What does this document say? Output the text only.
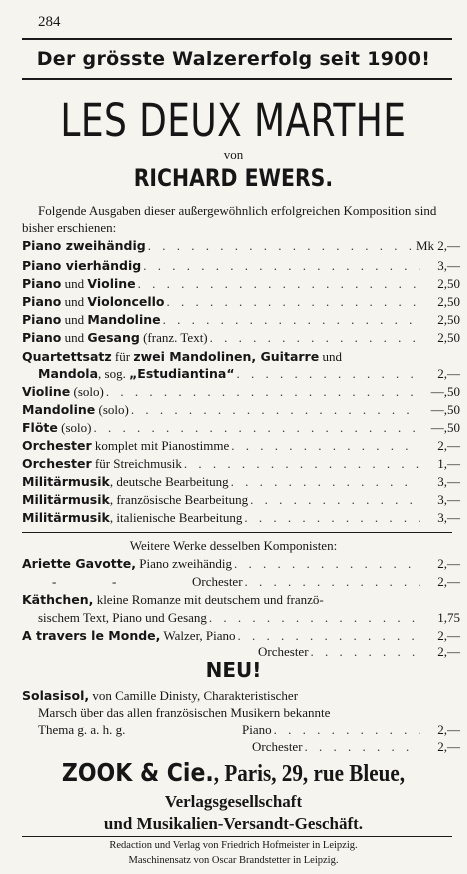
284
Der grösste Walzererfolg seit 1900!
LES DEUX MARTHE
von
RICHARD EWERS.
Folgende Ausgaben dieser außergewöhnlich erfolgreichen Komposition sind bisher erschienen:
Piano zweihändig . . .	Mk 2,—
Piano vierhändig . . .	3,—
Piano und Violine . . .	2,50
Piano und Violoncello . . .	2,50
Piano und Mandoline . . .	2,50
Piano und Gesang (franz. Text) . . .	2,50
Quartettsatz für zwei Mandolinen, Guitarre und
Mandola, sog. „Estudiantina“ . . .	2,—
Violine (solo) . . .	—,50
Mandoline (solo) . . .	—,50
Flöte (solo) . . .	—,50
Orchester komplet mit Pianostimme . . .	2,—
Orchester für Streichmusik . . .	1,—
Militärmusik, deutsche Bearbeitung . . .	3,—
Militärmusik, französische Bearbeitung . . .	3,—
Militärmusik, italienische Bearbeitung . . .	3,—
Weitere Werke desselben Komponisten:
Ariette Gavotte, Piano zweihändig . . .	2,—
-	-	Orchester . . .	2,—
Käthchen, kleine Romanze mit deutschem und franzö-
sischem Text, Piano und Gesang . . .	1,75
A travers le Monde, Walzer, Piano . . .	2,—
Orchester . . .	2,—
NEU!
Solasisol, von Camille Dinisty, Charakteristischer
Marsch über das allen französischen Musikern bekannte
Thema g. a. h. g.	Piano . . .	2,—
Orchester . . .	2,—
ZOOK & Cie., Paris, 29, rue Bleue,
Verlagsgesellschaft
und Musikalien-Versandt-Geschäft.
Redaction und Verlag von Friedrich Hofmeister in Leipzig.
Maschinensatz von Oscar Brandstetter in Leipzig.
